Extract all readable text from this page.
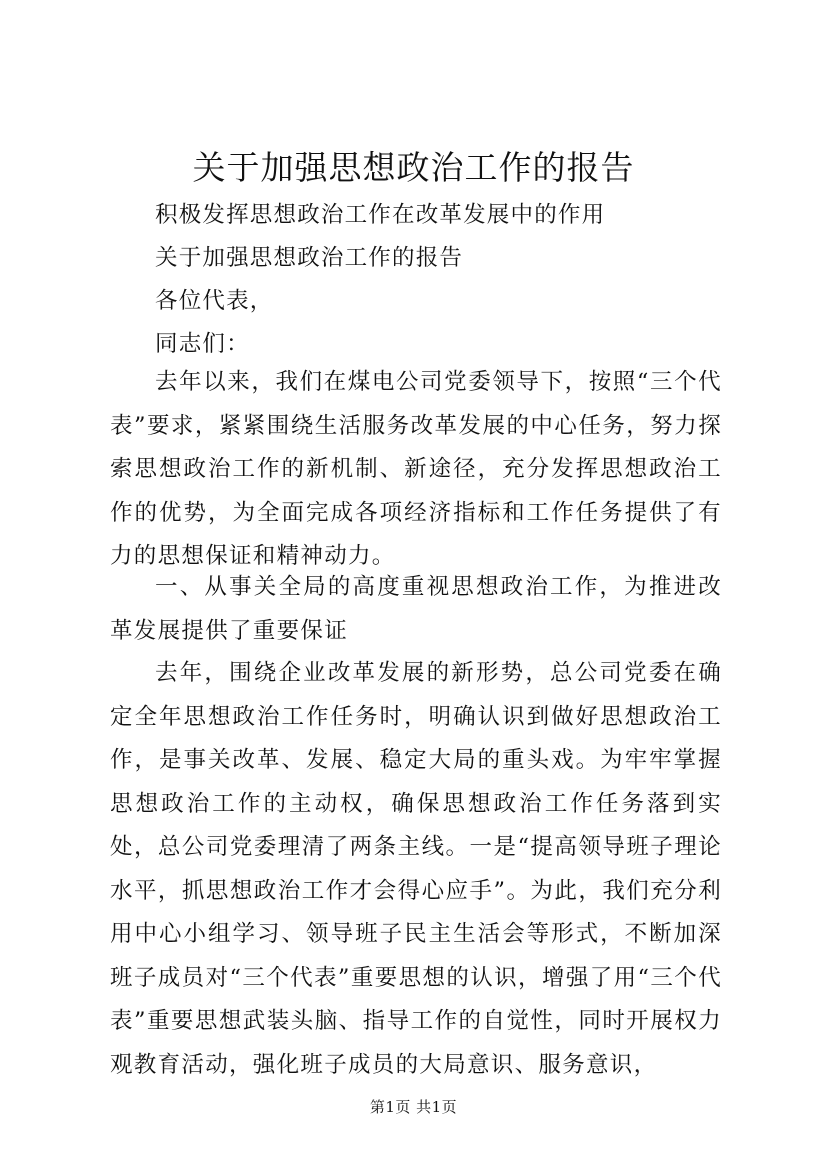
关于加强思想政治工作的报告
积极发挥思想政治工作在改革发展中的作用
关于加强思想政治工作的报告
各位代表，
同志们：

去年以来，我们在煤电公司党委领导下，按照“三个代表”要求，紧紧围绕生活服务改革发展的中心任务，努力探索思想政治工作的新机制、新途径，充分发挥思想政治工作的优势，为全面完成各项经济指标和工作任务提供了有力的思想保证和精神动力。

一、从事关全局的高度重视思想政治工作，为推进改革发展提供了重要保证

去年，围绕企业改革发展的新形势，总公司党委在确定全年思想政治工作任务时，明确认识到做好思想政治工作，是事关改革、发展、稳定大局的重头戏。为牢牢掌握思想政治工作的主动权，确保思想政治工作任务落到实处，总公司党委理清了两条主线。一是“提高领导班子理论水平，抓思想政治工作才会得心应手”。为此，我们充分利用中心小组学习、领导班子民主生活会等形式，不断加深班子成员对“三个代表”重要思想的认识，增强了用“三个代表”重要思想武装头脑、指导工作的自觉性，同时开展权力观教育活动，强化班子成员的大局意识、服务意识，

第1页 共1页
